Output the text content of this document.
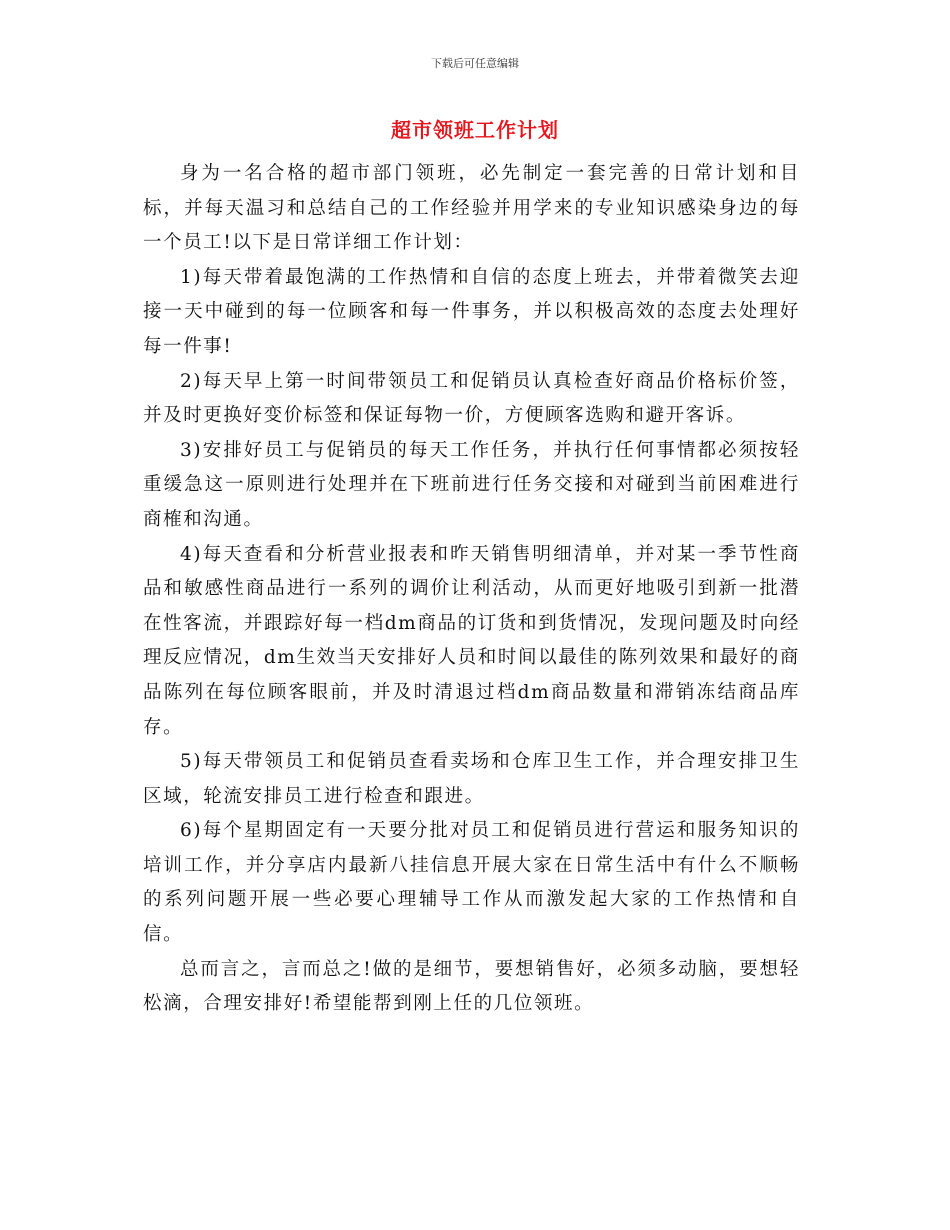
下载后可任意编辑
超市领班工作计划

身为一名合格的超市部门领班，必先制定一套完善的日常计划和目标，并每天温习和总结自己的工作经验并用学来的专业知识感染身边的每一个员工!以下是日常详细工作计划：

1)每天带着最饱满的工作热情和自信的态度上班去，并带着微笑去迎接一天中碰到的每一位顾客和每一件事务，并以积极高效的态度去处理好每一件事!

2)每天早上第一时间带领员工和促销员认真检查好商品价格标价签，并及时更换好变价标签和保证每物一价，方便顾客选购和避开客诉。

3)安排好员工与促销员的每天工作任务，并执行任何事情都必须按轻重缓急这一原则进行处理并在下班前进行任务交接和对碰到当前困难进行商榷和沟通。

4)每天查看和分析营业报表和昨天销售明细清单，并对某一季节性商品和敏感性商品进行一系列的调价让利活动，从而更好地吸引到新一批潜在性客流，并跟踪好每一档dm商品的订货和到货情况，发现问题及时向经理反应情况，dm生效当天安排好人员和时间以最佳的陈列效果和最好的商品陈列在每位顾客眼前，并及时清退过档dm商品数量和滞销冻结商品库存。

5)每天带领员工和促销员查看卖场和仓库卫生工作，并合理安排卫生区域，轮流安排员工进行检查和跟进。

6)每个星期固定有一天要分批对员工和促销员进行营运和服务知识的培训工作，并分享店内最新八挂信息开展大家在日常生活中有什么不顺畅的系列问题开展一些必要心理辅导工作从而激发起大家的工作热情和自信。

总而言之，言而总之!做的是细节，要想销售好，必须多动脑，要想轻松滴，合理安排好!希望能帮到刚上任的几位领班。
